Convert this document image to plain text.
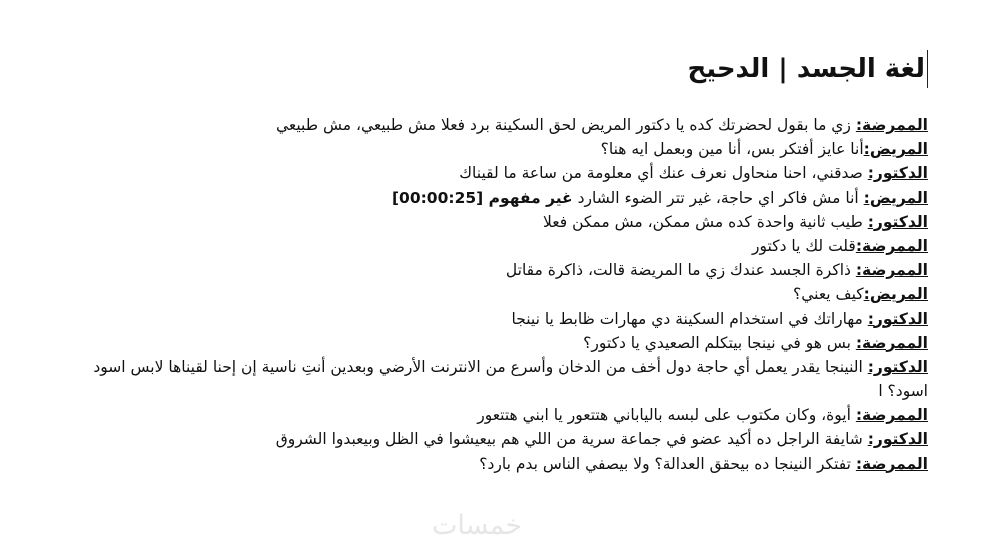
لغة الجسد | الدحيح
الممرضة: زي ما بقول لحضرتك كده يا دكتور المريض لحق السكينة برد فعلا مش طبيعي، مش طبيعي
المريض:أنا عايز أفتكر بس، أنا مين وبعمل ايه هنا؟
الدكتور: صدقني، احنا منحاول نعرف عنك أي معلومة من ساعة ما لقيناك
المريض: أنا مش فاكر اي حاجة، غير تتر الضوء الشارد غير مفهوم [00:00:25]
الدكتور: طيب ثانية واحدة كده مش ممكن، مش ممكن فعلا
الممرضة:قلت لك يا دكتور
الممرضة: ذاكرة الجسد عندك زي ما المريضة قالت، ذاكرة مقاتل
المريض:كيف يعني؟
الدكتور: مهاراتك في استخدام السكينة دي مهارات ظابط يا نينجا
الممرضة: بس هو في نينجا بيتكلم الصعيدي يا دكتور؟
الدكتور: النينجا يقدر يعمل أي حاجة دول أخف من الدخان وأسرع من الانترنت الأرضي وبعدين أنتِ ناسية إن إحنا لقيناها لابس اسود اسود؟ ا
الممرضة: أيوة، وكان مكتوب على لبسه بالياباني هتتعور يا ابني هتتعور
الدكتور: شايفة الراجل ده أكيد عضو في جماعة سرية من اللي هم بيعيشوا في الظل وبيعبدوا الشروق
الممرضة: تفتكر النينجا ده بيحقق العدالة؟ ولا بيصفي الناس بدم بارد؟
خمسات
